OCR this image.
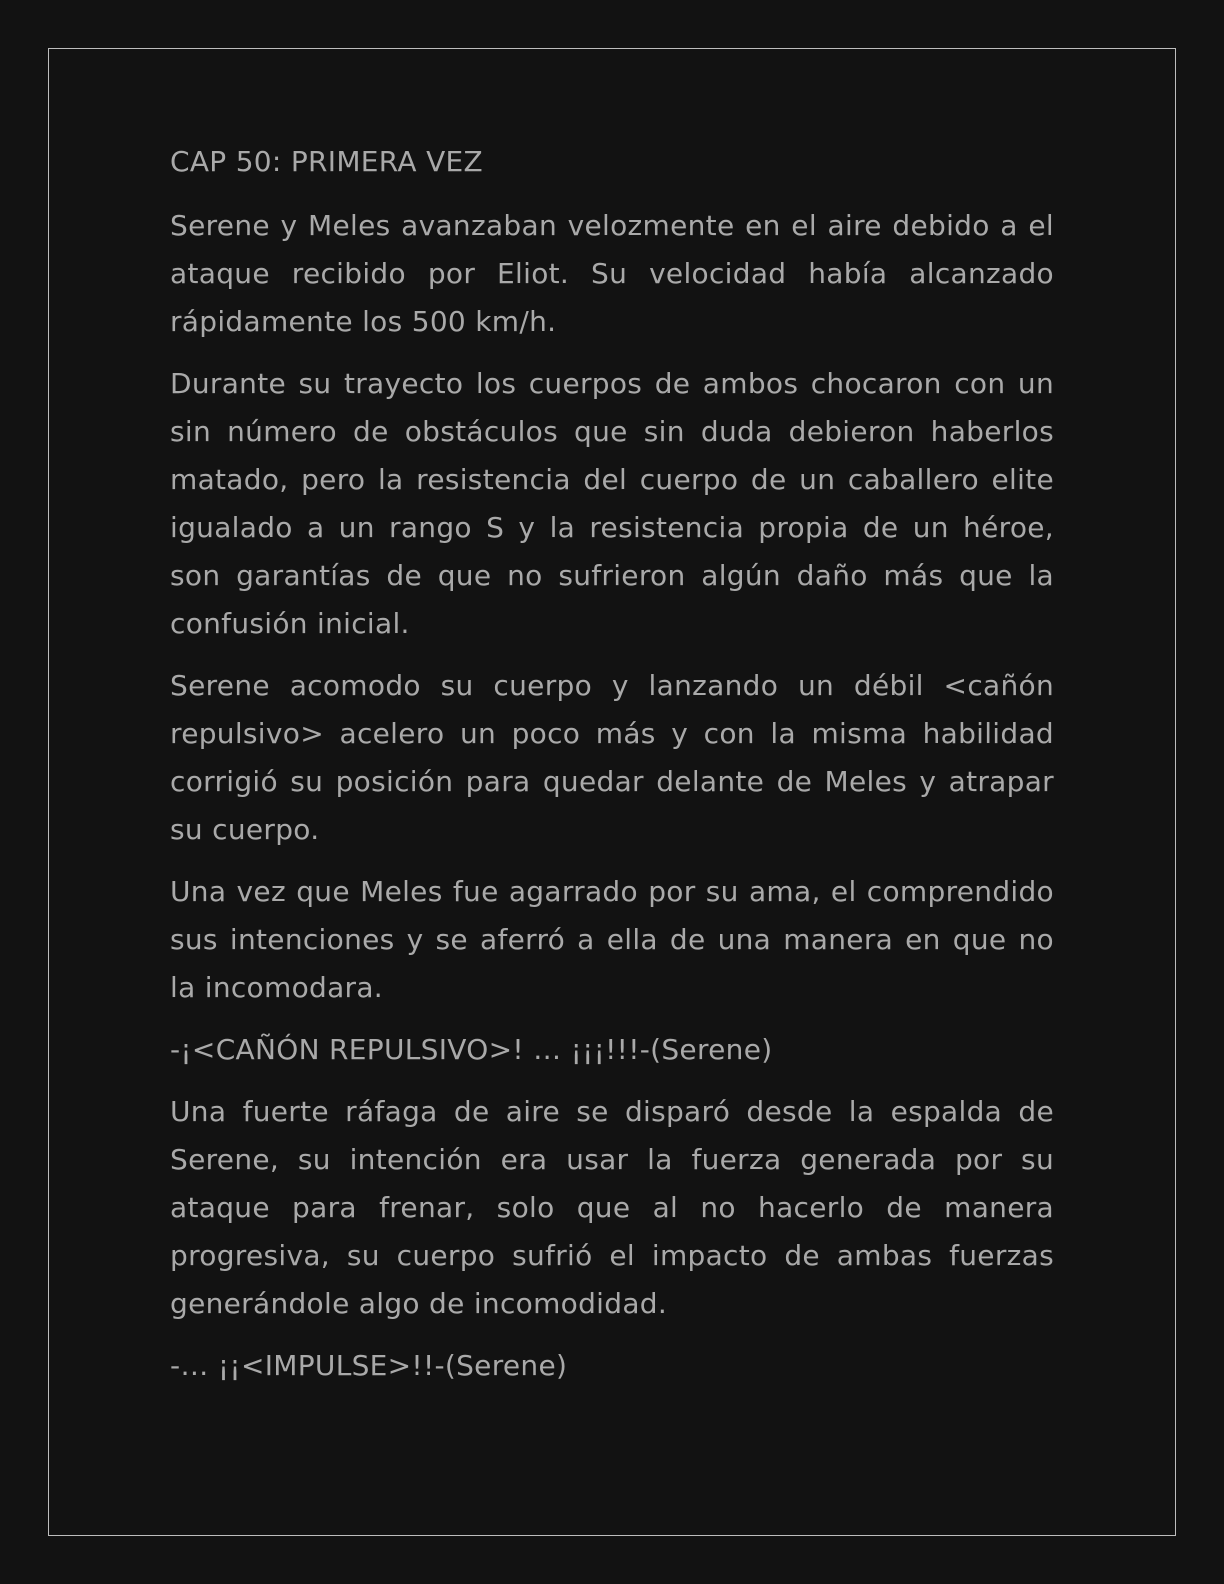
CAP 50: PRIMERA VEZ

Serene y Meles avanzaban velozmente en el aire debido a el ataque recibido por Eliot. Su velocidad había alcanzado rápidamente los 500 km/h.

Durante su trayecto los cuerpos de ambos chocaron con un sin número de obstáculos que sin duda debieron haberlos matado, pero la resistencia del cuerpo de un caballero elite igualado a un rango S y la resistencia propia de un héroe, son garantías de que no sufrieron algún daño más que la confusión inicial.

Serene acomodo su cuerpo y lanzando un débil <cañón repulsivo> acelero un poco más y con la misma habilidad corrigió su posición para quedar delante de Meles y atrapar su cuerpo.

Una vez que Meles fue agarrado por su ama, el comprendido sus intenciones y se aferró a ella de una manera en que no la incomodara.

-¡<CAÑÓN REPULSIVO>! … ¡¡¡!!!-(Serene)

Una fuerte ráfaga de aire se disparó desde la espalda de Serene, su intención era usar la fuerza generada por su ataque para frenar, solo que al no hacerlo de manera progresiva, su cuerpo sufrió el impacto de ambas fuerzas generándole algo de incomodidad.

-… ¡¡<IMPULSE>!!-(Serene)
